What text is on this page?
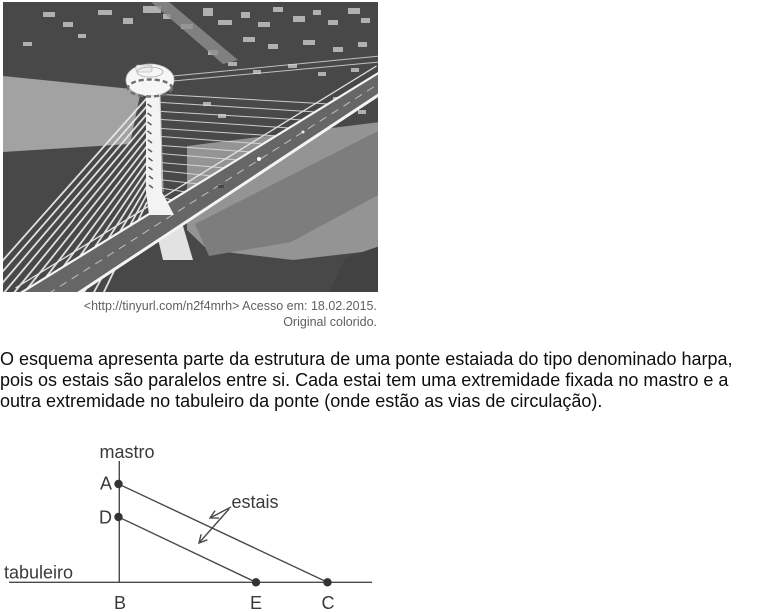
<http://tinyurl.com/n2f4mrh> Acesso em: 18.02.2015.
Original colorido.
O esquema apresenta parte da estrutura de uma ponte estaiada do tipo denominado harpa,
pois os estais são paralelos entre si. Cada estai tem uma extremidade fixada no mastro e a
outra extremidade no tabuleiro da ponte (onde estão as vias de circulação).
mastro
tabuleiro
estais
A
D
B	E	C
